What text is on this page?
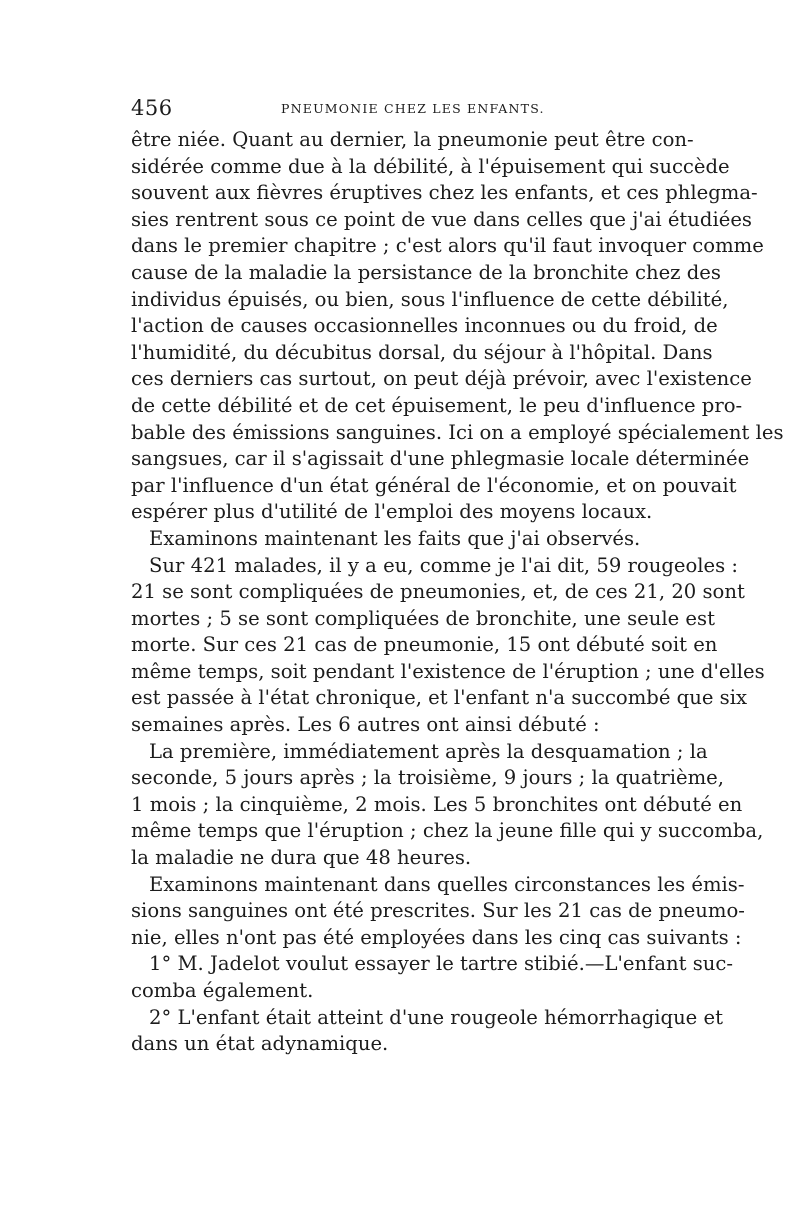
456	PNEUMONIE CHEZ LES ENFANTS.
être niée. Quant au dernier, la pneumonie peut être con-
sidérée comme due à la débilité, à l'épuisement qui succède
souvent aux fièvres éruptives chez les enfants, et ces phlegma-
sies rentrent sous ce point de vue dans celles que j'ai étudiées
dans le premier chapitre ; c'est alors qu'il faut invoquer comme
cause de la maladie la persistance de la bronchite chez des
individus épuisés, ou bien, sous l'influence de cette débilité,
l'action de causes occasionnelles inconnues ou du froid, de
l'humidité, du décubitus dorsal, du séjour à l'hôpital. Dans
ces derniers cas surtout, on peut déjà prévoir, avec l'existence
de cette débilité et de cet épuisement, le peu d'influence pro-
bable des émissions sanguines. Ici on a employé spécialement les
sangsues, car il s'agissait d'une phlegmasie locale déterminée
par l'influence d'un état général de l'économie, et on pouvait
espérer plus d'utilité de l'emploi des moyens locaux.
Examinons maintenant les faits que j'ai observés.
Sur 421 malades, il y a eu, comme je l'ai dit, 59 rougeoles :
21 se sont compliquées de pneumonies, et, de ces 21, 20 sont
mortes ; 5 se sont compliquées de bronchite, une seule est
morte. Sur ces 21 cas de pneumonie, 15 ont débuté soit en
même temps, soit pendant l'existence de l'éruption ; une d'elles
est passée à l'état chronique, et l'enfant n'a succombé que six
semaines après. Les 6 autres ont ainsi débuté :
La première, immédiatement après la desquamation ; la
seconde, 5 jours après ; la troisième, 9 jours ; la quatrième,
1 mois ; la cinquième, 2 mois. Les 5 bronchites ont débuté en
même temps que l'éruption ; chez la jeune fille qui y succomba,
la maladie ne dura que 48 heures.
Examinons maintenant dans quelles circonstances les émis-
sions sanguines ont été prescrites. Sur les 21 cas de pneumo-
nie, elles n'ont pas été employées dans les cinq cas suivants :
1° M. Jadelot voulut essayer le tartre stibié.—L'enfant suc-
comba également.
2° L'enfant était atteint d'une rougeole hémorrhagique et
dans un état adynamique.
